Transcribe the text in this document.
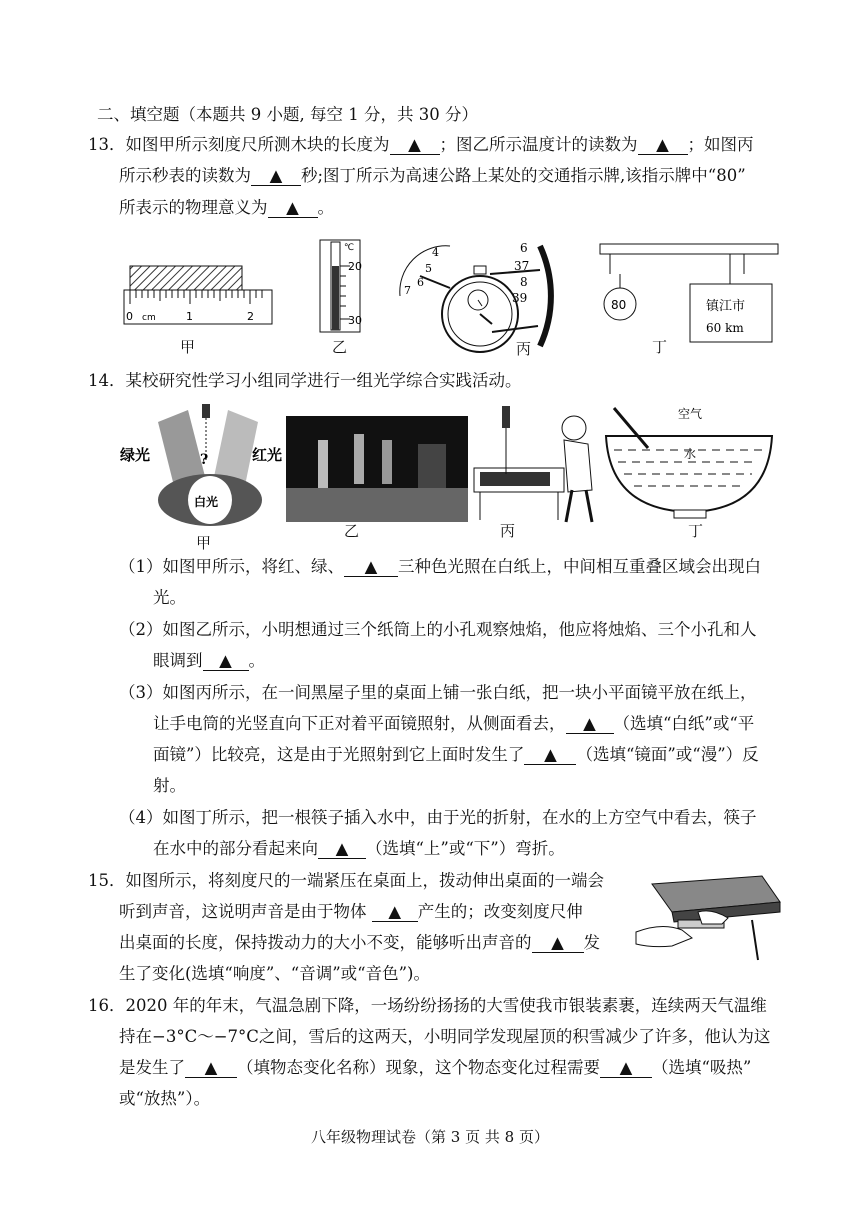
二、填空题（本题共 9 小题, 每空 1 分，共 30 分）
13．如图甲所示刻度尺所测木块的长度为 ▲ ；图乙所示温度计的读数为 ▲ ；如图丙
所示秒表的读数为 ▲ 秒;图丁所示为高速公路上某处的交通指示牌,该指示牌中“80”
所表示的物理意义为 ▲ 。
0 cm	1	2
℃
20
30
4
5
6
7
6
37
8
39	80	镇江市
60 km
甲	乙	丙	丁
14．某校研究性学习小组同学进行一组光学综合实践活动。
?
绿光	红光
白光
空气
水
甲
乙	丙	丁
（1）如图甲所示，将红、绿、 ▲ 三种色光照在白纸上，中间相互重叠区域会出现白
光。
（2）如图乙所示，小明想通过三个纸筒上的小孔观察烛焰，他应将烛焰、三个小孔和人
眼调到 ▲ 。
（3）如图丙所示，在一间黑屋子里的桌面上铺一张白纸，把一块小平面镜平放在纸上，
让手电筒的光竖直向下正对着平面镜照射，从侧面看去， ▲ （选填“白纸”或“平
面镜”）比较亮，这是由于光照射到它上面时发生了 ▲ （选填“镜面”或“漫”）反
射。
（4）如图丁所示，把一根筷子插入水中，由于光的折射，在水的上方空气中看去，筷子
在水中的部分看起来向 ▲ （选填“上”或“下”）弯折。
15．如图所示，将刻度尺的一端紧压在桌面上，拨动伸出桌面的一端会
听到声音，这说明声音是由于物体 ▲ 产生的；改变刻度尺伸
出桌面的长度，保持拨动力的大小不变，能够听出声音的 ▲ 发
生了变化(选填“响度”、“音调”或“音色”)。
16．2020 年的年末，气温急剧下降，一场纷纷扬扬的大雪使我市银装素裹，连续两天气温维
持在−3°C～−7°C之间，雪后的这两天，小明同学发现屋顶的积雪减少了许多，他认为这
是发生了 ▲ （填物态变化名称）现象，这个物态变化过程需要 ▲ （选填“吸热”
或“放热”）。
八年级物理试卷（第 3 页 共 8 页）
